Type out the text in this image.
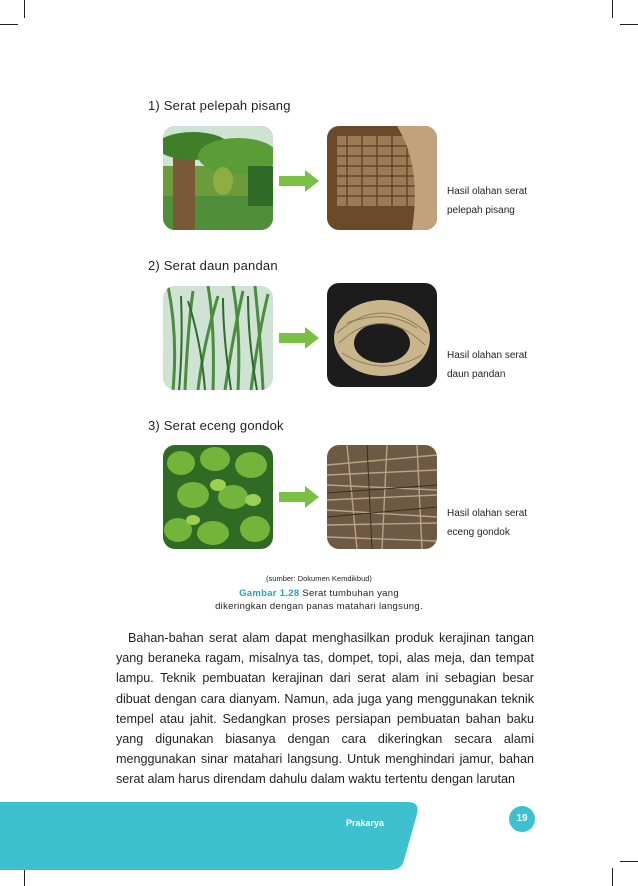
1) Serat pelepah pisang
Hasil olahan serat
pelepah pisang
2) Serat daun pandan
Hasil olahan serat
daun pandan
3) Serat eceng gondok
Hasil olahan serat
eceng gondok
(sumber: Dokumen Kemdikbud)
Gambar 1.28 Serat tumbuhan yang
dikeringkan dengan panas matahari langsung.

Bahan-bahan serat alam dapat menghasilkan produk kerajinan tangan yang beraneka ragam, misalnya tas, dompet, topi, alas meja, dan tempat lampu. Teknik pembuatan kerajinan dari serat alam ini sebagian besar dibuat dengan cara dianyam. Namun, ada juga yang menggunakan teknik tempel atau jahit. Sedangkan proses persiapan pembuatan bahan baku yang digunakan biasanya dengan cara dikeringkan secara alami menggunakan sinar matahari langsung. Untuk menghindari jamur, bahan serat alam harus direndam dahulu dalam waktu tertentu dengan larutan

Prakarya	19
